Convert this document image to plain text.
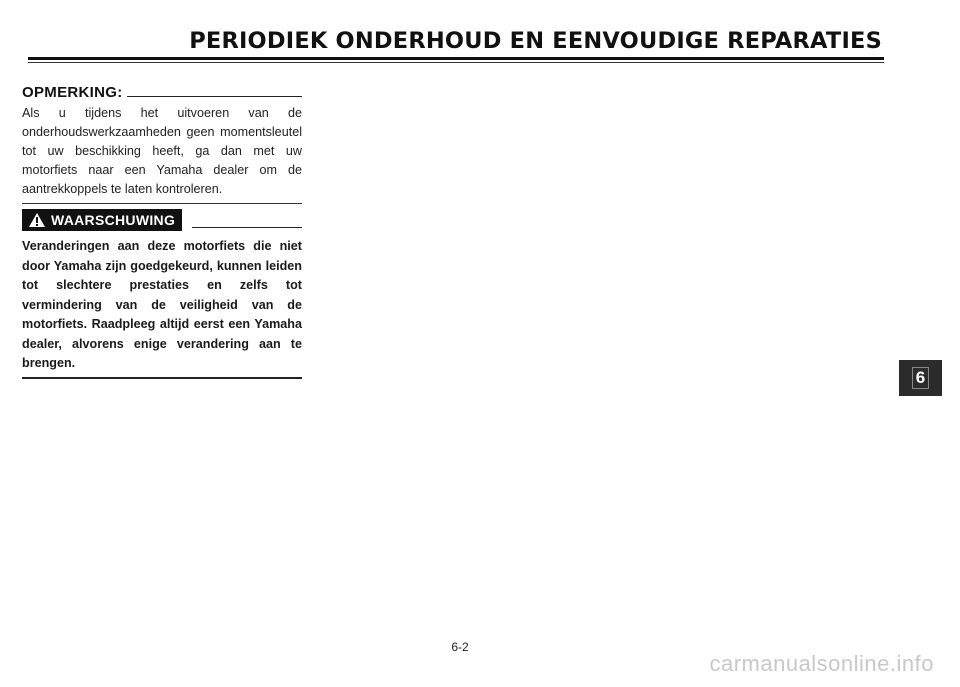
PERIODIEK ONDERHOUD EN EENVOUDIGE REPARATIES
OPMERKING:
Als u tijdens het uitvoeren van de onderhoudswerkzaamheden geen momentsleutel tot uw beschikking heeft, ga dan met uw motorfiets naar een Yamaha dealer om de aantrekkoppels te laten kontroleren.
WAARSCHUWING
Veranderingen aan deze motorfiets die niet door Yamaha zijn goedgekeurd, kunnen leiden tot slechtere prestaties en zelfs tot vermindering van de veiligheid van de motorfiets. Raadpleeg altijd eerst een Yamaha dealer, alvorens enige verandering aan te brengen.
6
6-2
carmanualsonline.info
